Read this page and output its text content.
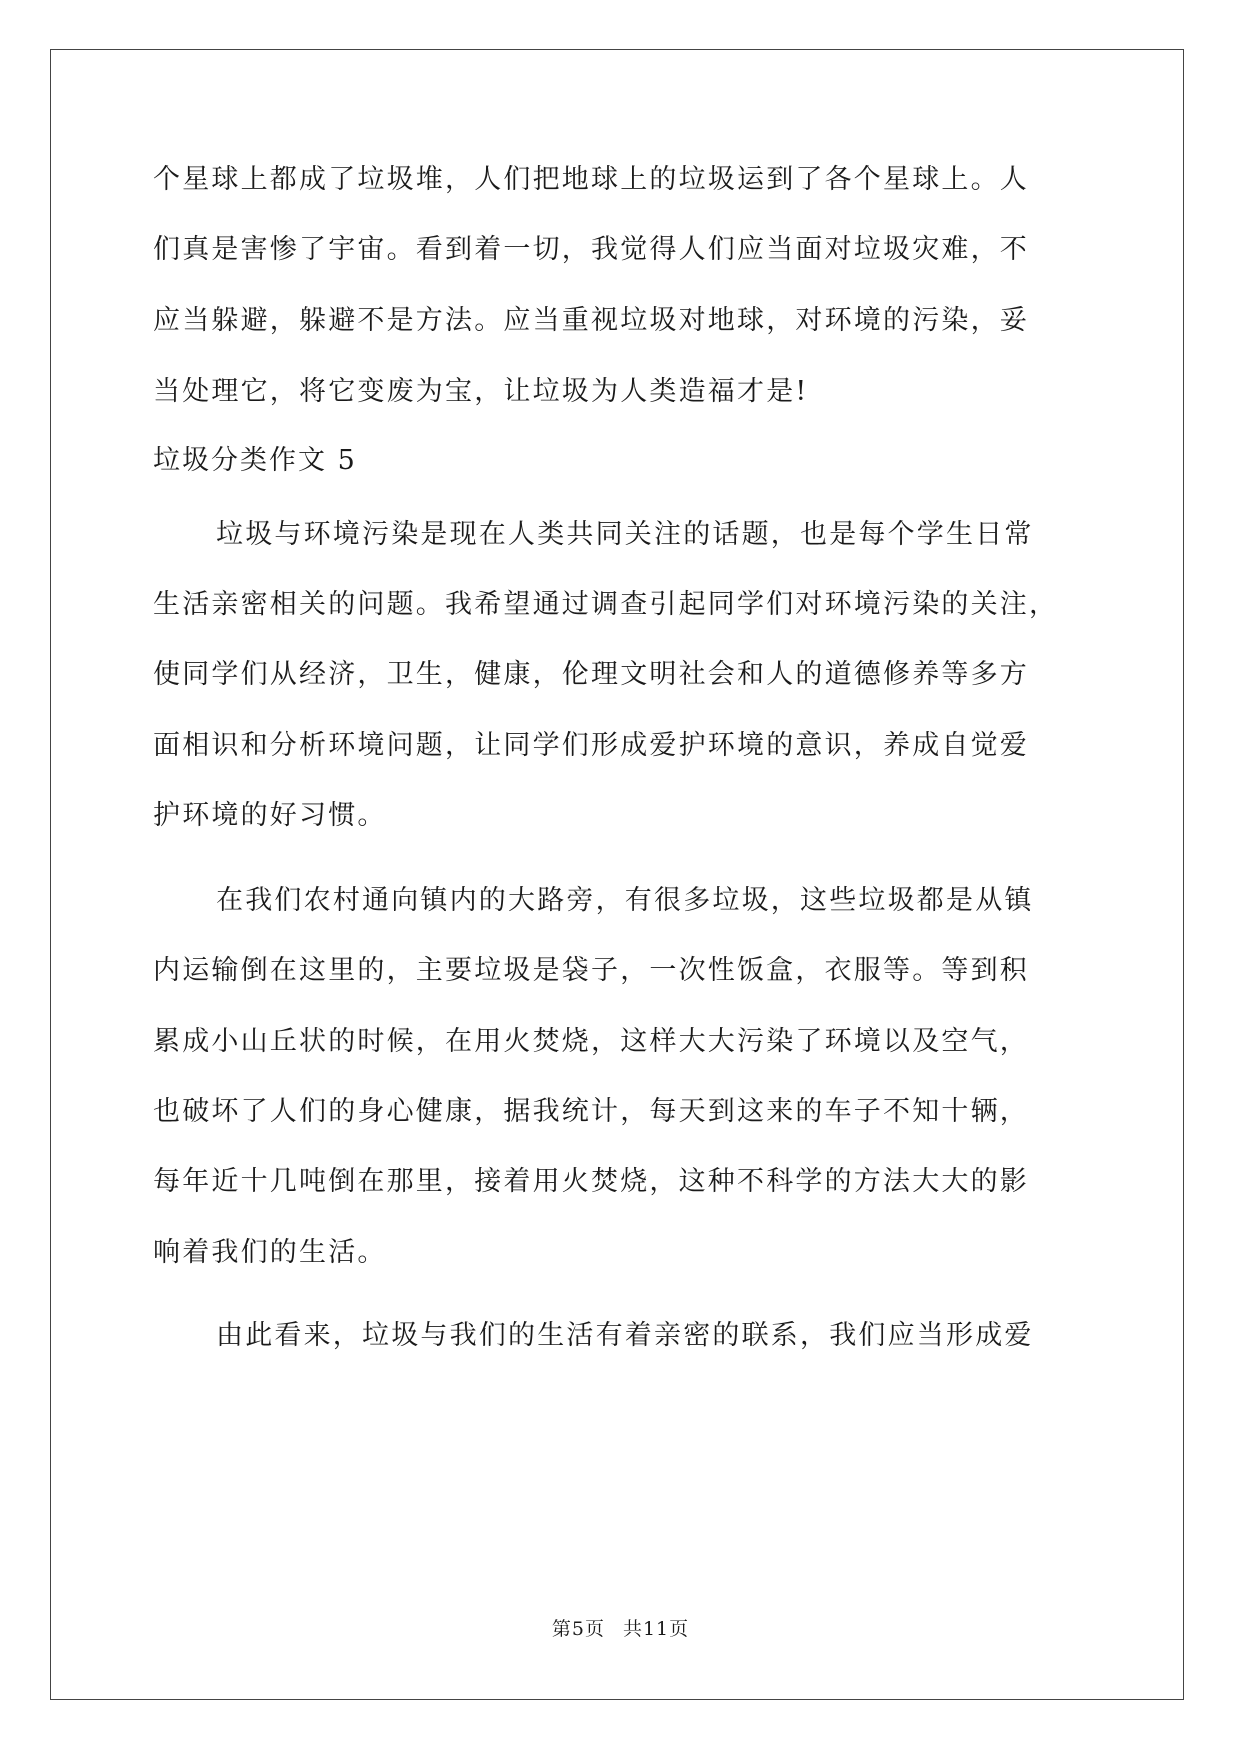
个星球上都成了垃圾堆，人们把地球上的垃圾运到了各个星球上。人
们真是害惨了宇宙。看到着一切，我觉得人们应当面对垃圾灾难，不
应当躲避，躲避不是方法。应当重视垃圾对地球，对环境的污染，妥
当处理它，将它变废为宝，让垃圾为人类造福才是!
垃圾分类作文 5
垃圾与环境污染是现在人类共同关注的话题，也是每个学生日常
生活亲密相关的问题。我希望通过调查引起同学们对环境污染的关注，
使同学们从经济，卫生，健康，伦理文明社会和人的道德修养等多方
面相识和分析环境问题，让同学们形成爱护环境的意识，养成自觉爱
护环境的好习惯。
在我们农村通向镇内的大路旁，有很多垃圾，这些垃圾都是从镇
内运输倒在这里的，主要垃圾是袋子，一次性饭盒，衣服等。等到积
累成小山丘状的时候，在用火焚烧，这样大大污染了环境以及空气，
也破坏了人们的身心健康，据我统计，每天到这来的车子不知十辆，
每年近十几吨倒在那里，接着用火焚烧，这种不科学的方法大大的影
响着我们的生活。
由此看来，垃圾与我们的生活有着亲密的联系，我们应当形成爱
第5页 共11页
